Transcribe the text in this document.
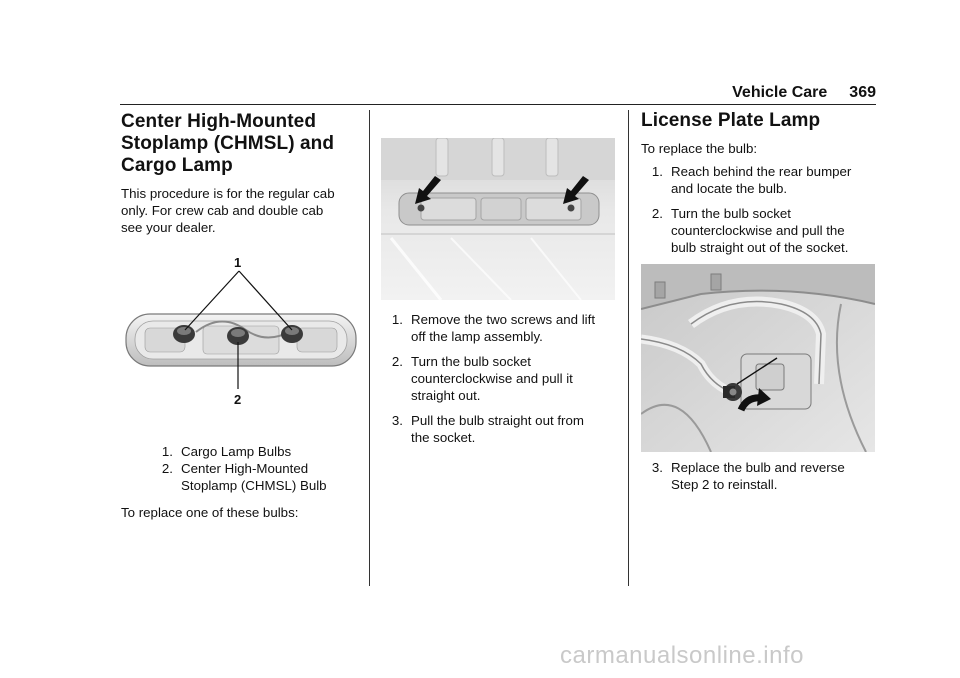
Vehicle Care 369
Center High-Mounted
Stoplamp (CHMSL) and
Cargo Lamp

This procedure is for the regular cab
only. For crew cab and double cab
see your dealer.

1
2
1. Cargo Lamp Bulbs
2. Center High-Mounted
Stoplamp (CHMSL) Bulb

To replace one of these bulbs:

1. Remove the two screws and lift
off the lamp assembly.
2. Turn the bulb socket
counterclockwise and pull it
straight out.
3. Pull the bulb straight out from
the socket.
License Plate Lamp

To replace the bulb:

1. Reach behind the rear bumper
and locate the bulb.
2. Turn the bulb socket
counterclockwise and pull the
bulb straight out of the socket.
3. Replace the bulb and reverse
Step 2 to reinstall.
carmanualsonline.info
